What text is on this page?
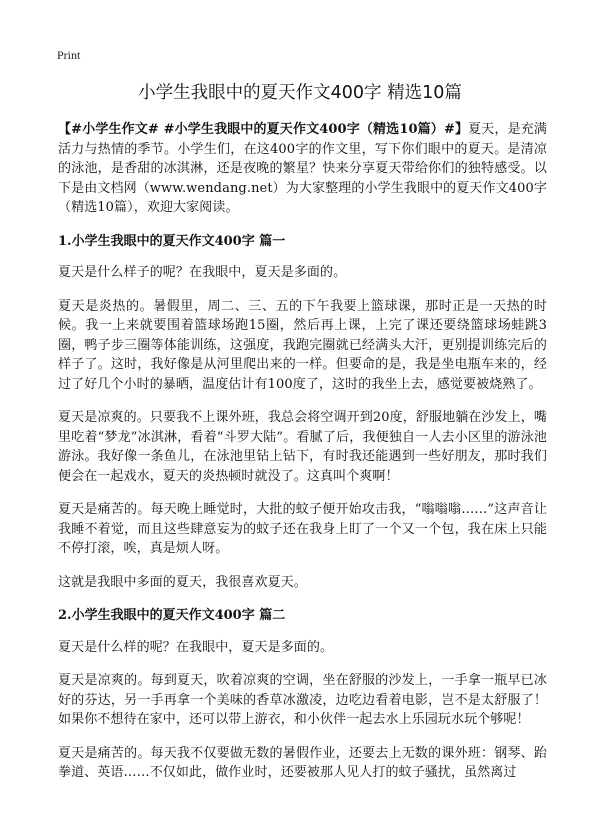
Print
小学生我眼中的夏天作文400字 精选10篇

【#小学生作文# #小学生我眼中的夏天作文400字（精选10篇）#】夏天，是充满活力与热情的季节。小学生们，在这400字的作文里，写下你们眼中的夏天。是清凉的泳池，是香甜的冰淇淋，还是夜晚的繁星？快来分享夏天带给你们的独特感受。以下是由文档网（www.wendang.net）为大家整理的小学生我眼中的夏天作文400字（精选10篇），欢迎大家阅读。

1.小学生我眼中的夏天作文400字 篇一

夏天是什么样子的呢？在我眼中，夏天是多面的。

夏天是炎热的。暑假里，周二、三、五的下午我要上篮球课，那时正是一天热的时候。我一上来就要围着篮球场跑15圈，然后再上课，上完了课还要绕篮球场蛙跳3圈，鸭子步三圈等体能训练，这强度，我跑完圈就已经满头大汗，更别提训练完后的样子了。这时，我好像是从河里爬出来的一样。但要命的是，我是坐电瓶车来的，经过了好几个小时的暴晒，温度估计有100度了，这时的我坐上去，感觉要被烧熟了。

夏天是凉爽的。只要我不上课外班，我总会将空调开到20度，舒服地躺在沙发上，嘴里吃着“梦龙”冰淇淋，看着“斗罗大陆”。看腻了后，我便独自一人去小区里的游泳池游泳。我好像一条鱼儿，在泳池里钻上钻下，有时我还能遇到一些好朋友，那时我们便会在一起戏水，夏天的炎热顿时就没了。这真叫个爽啊！

夏天是痛苦的。每天晚上睡觉时，大批的蚊子便开始攻击我，“嗡嗡嗡……”这声音让我睡不着觉，而且这些肆意妄为的蚊子还在我身上盯了一个又一个包，我在床上只能不停打滚，唉，真是烦人呀。

这就是我眼中多面的夏天，我很喜欢夏天。

2.小学生我眼中的夏天作文400字 篇二

夏天是什么样的呢？在我眼中，夏天是多面的。

夏天是凉爽的。每到夏天，吹着凉爽的空调，坐在舒服的沙发上，一手拿一瓶早已冰好的芬达，另一手再拿一个美味的香草冰激凌，边吃边看着电影，岂不是太舒服了！如果你不想待在家中，还可以带上游衣，和小伙伴一起去水上乐园玩水玩个够呢！

夏天是痛苦的。每天我不仅要做无数的暑假作业，还要去上无数的课外班：钢琴、跆拳道、英语……不仅如此，做作业时，还要被那人见人打的蚊子骚扰，虽然离过
